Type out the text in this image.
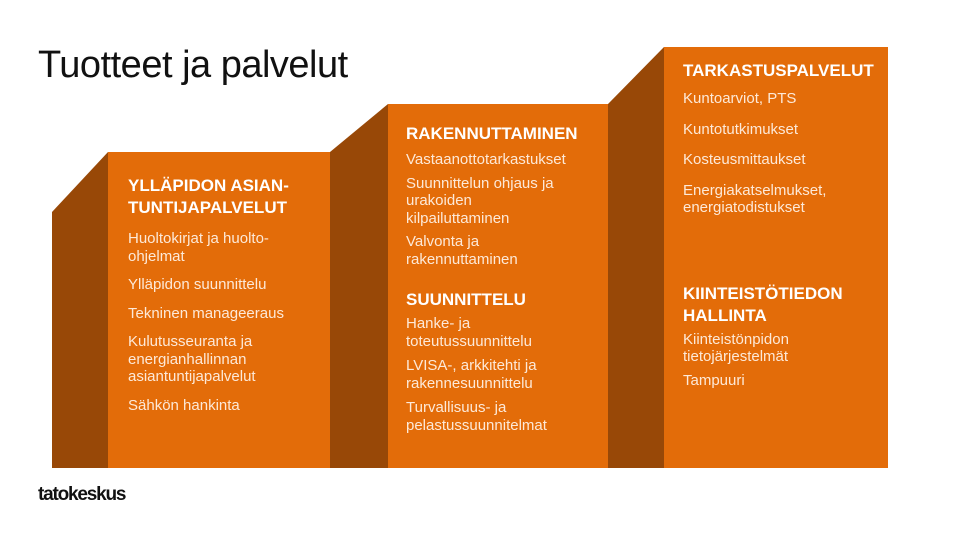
Tuotteet ja palvelut
YLLÄPIDON ASIAN-
TUNTIJAPALVELUT
Huoltokirjat ja huolto-
ohjelmat
Ylläpidon suunnittelu
Tekninen manageeraus
Kulutusseuranta ja
energianhallinnan
asiantuntijapalvelut
Sähkön hankinta
RAKENNUTTAMINEN
Vastaanottotarkastukset
Suunnittelun ohjaus ja
urakoiden
kilpailuttaminen
Valvonta ja
rakennuttaminen
SUUNNITTELU
Hanke- ja
toteutussuunnittelu
LVISA-, arkkitehti ja
rakennesuunnittelu
Turvallisuus- ja
pelastussuunnitelmat
TARKASTUSPALVELUT
Kuntoarviot, PTS
Kuntotutkimukset
Kosteusmittaukset
Energiakatselmukset,
energiatodistukset
KIINTEISTÖTIEDON
HALLINTA
Kiinteistönpidon
tietojärjestelmät
Tampuuri
tatokeskus
